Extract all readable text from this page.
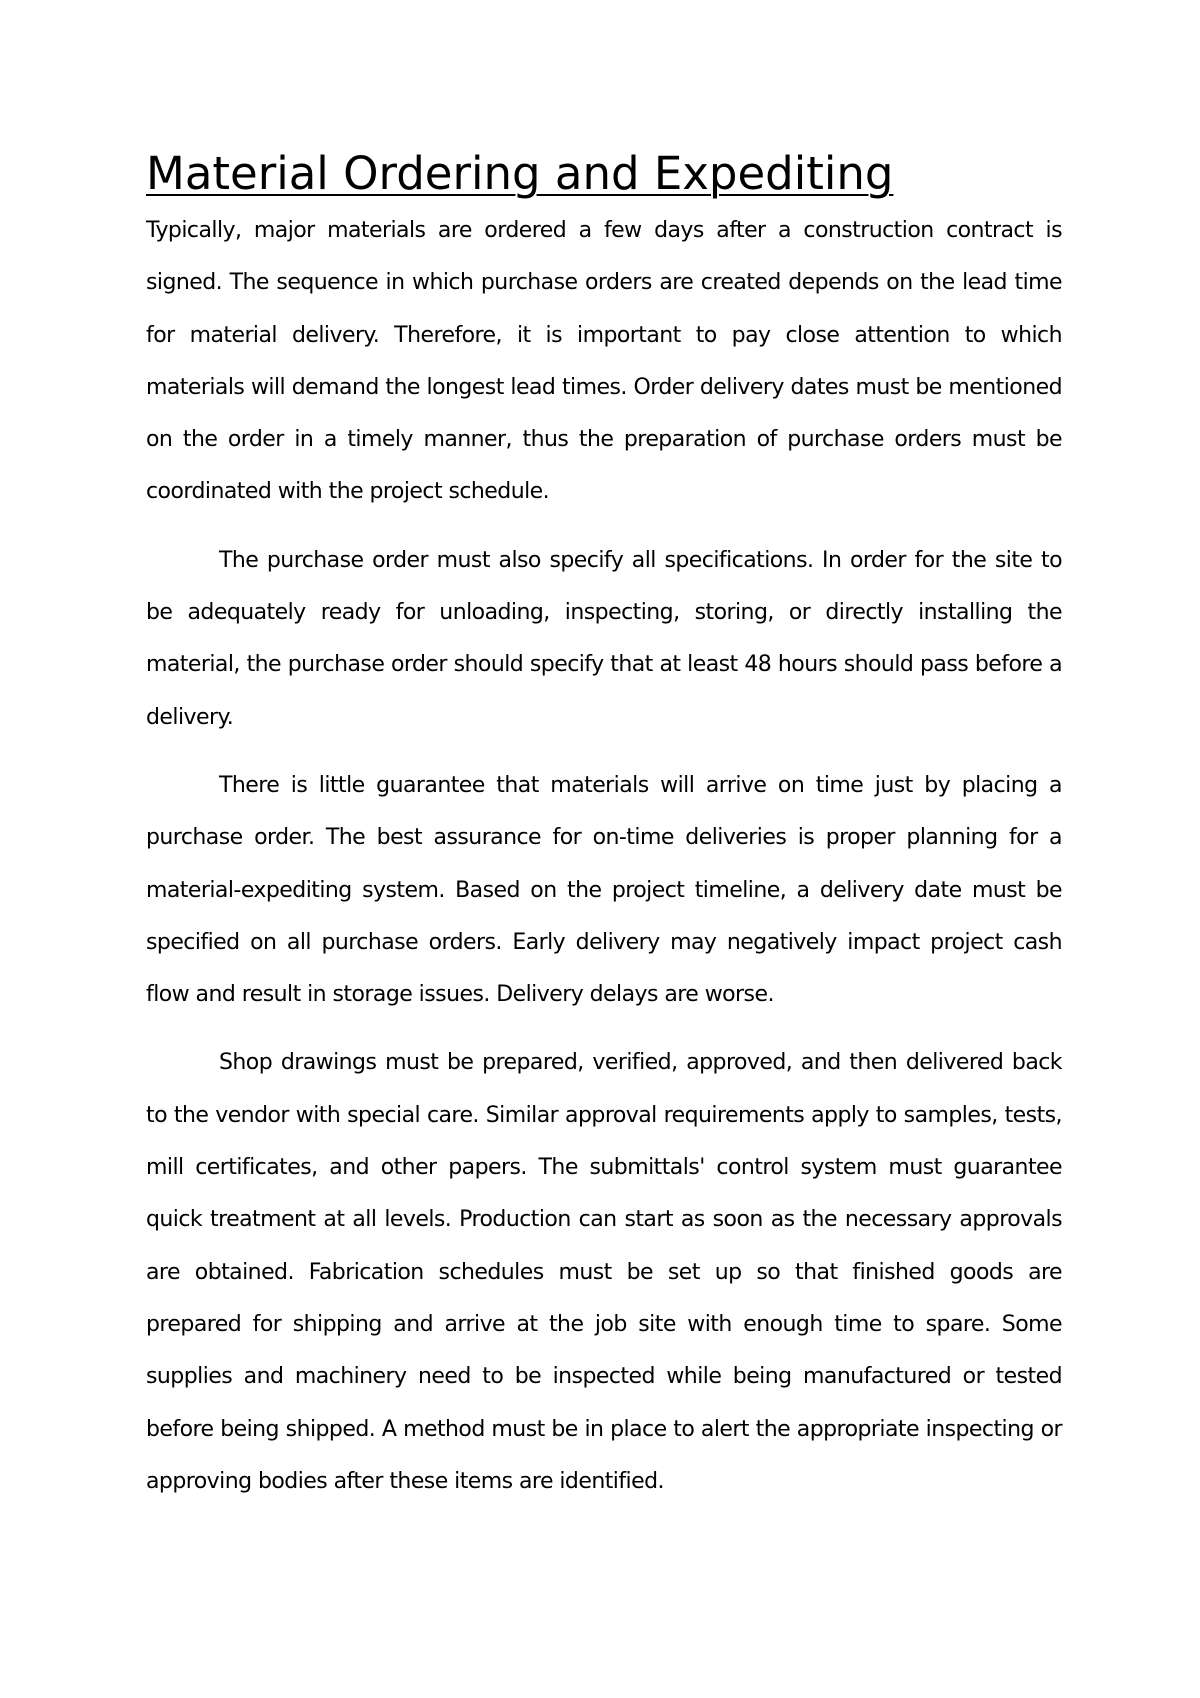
Material Ordering and Expediting

Typically, major materials are ordered a few days after a construction contract is signed. The sequence in which purchase orders are created depends on the lead time for material delivery. Therefore, it is important to pay close attention to which materials will demand the longest lead times. Order delivery dates must be mentioned on the order in a timely manner, thus the preparation of purchase orders must be coordinated with the project schedule.

The purchase order must also specify all specifications. In order for the site to be adequately ready for unloading, inspecting, storing, or directly installing the material, the purchase order should specify that at least 48 hours should pass before a delivery.

There is little guarantee that materials will arrive on time just by placing a purchase order. The best assurance for on-time deliveries is proper planning for a material-expediting system. Based on the project timeline, a delivery date must be specified on all purchase orders. Early delivery may negatively impact project cash flow and result in storage issues. Delivery delays are worse.

Shop drawings must be prepared, verified, approved, and then delivered back to the vendor with special care. Similar approval requirements apply to samples, tests, mill certificates, and other papers. The submittals' control system must guarantee quick treatment at all levels. Production can start as soon as the necessary approvals are obtained. Fabrication schedules must be set up so that finished goods are prepared for shipping and arrive at the job site with enough time to spare. Some supplies and machinery need to be inspected while being manufactured or tested before being shipped. A method must be in place to alert the appropriate inspecting or approving bodies after these items are identified.
